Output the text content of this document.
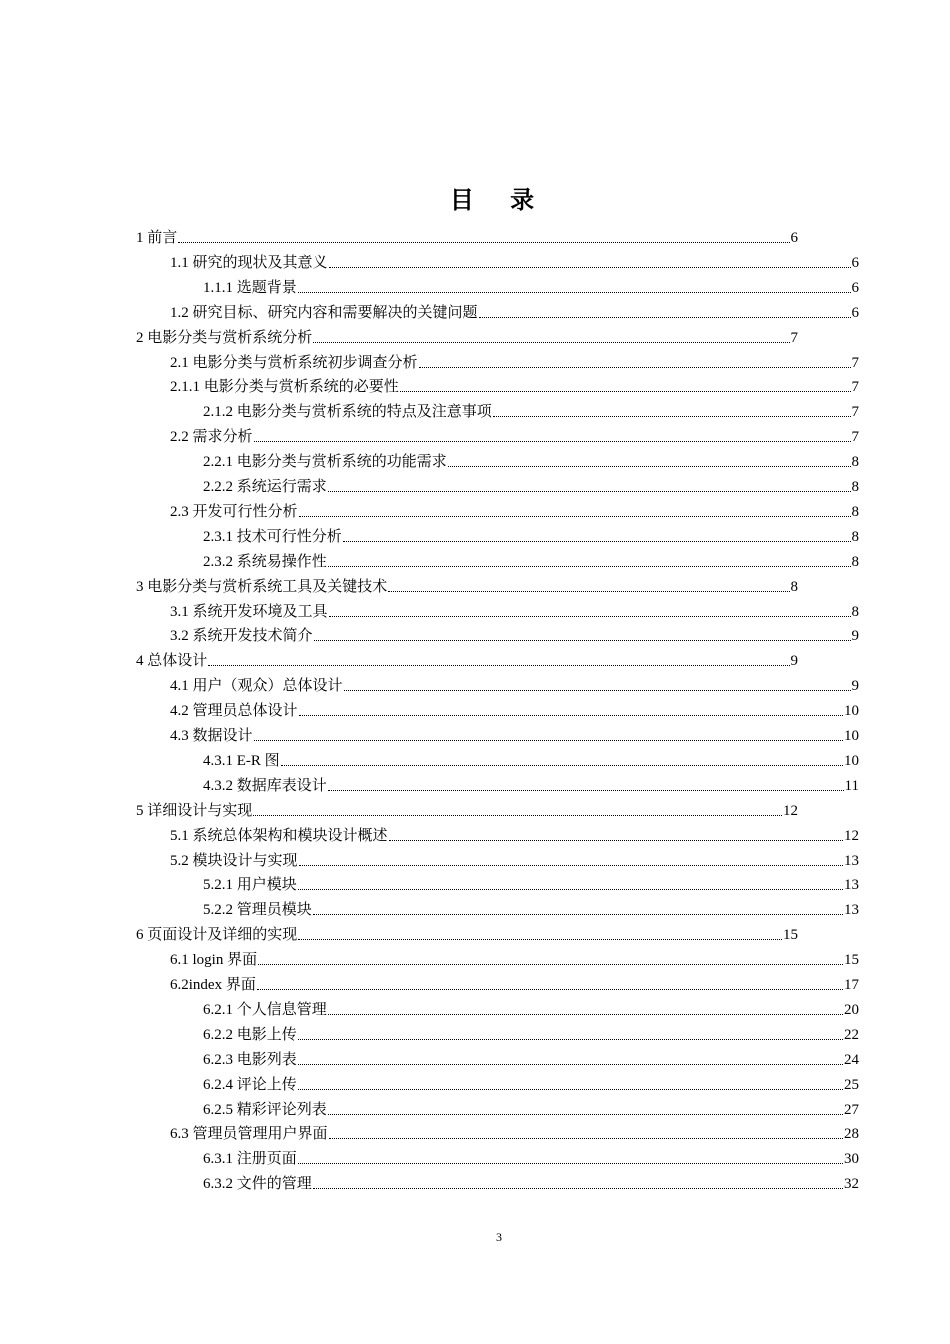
目 录
1 前言	6
1.1 研究的现状及其意义	6
1.1.1 选题背景	6
1.2 研究目标、研究内容和需要解决的关键问题	6
2 电影分类与赏析系统分析	7
2.1 电影分类与赏析系统初步调查分析	7
2.1.1 电影分类与赏析系统的必要性	7
2.1.2 电影分类与赏析系统的特点及注意事项	7
2.2 需求分析	7
2.2.1 电影分类与赏析系统的功能需求	8
2.2.2 系统运行需求	8
2.3 开发可行性分析	8
2.3.1 技术可行性分析	8
2.3.2 系统易操作性	8
3 电影分类与赏析系统工具及关键技术	8
3.1 系统开发环境及工具	8
3.2 系统开发技术简介	9
4 总体设计	9
4.1 用户（观众）总体设计	9
4.2 管理员总体设计	10
4.3 数据设计	10
4.3.1 E-R 图	10
4.3.2 数据库表设计	11
5 详细设计与实现	12
5.1 系统总体架构和模块设计概述	12
5.2 模块设计与实现	13
5.2.1 用户模块	13
5.2.2 管理员模块	13
6 页面设计及详细的实现	15
6.1 login 界面	15
6.2index 界面	17
6.2.1 个人信息管理	20
6.2.2 电影上传	22
6.2.3 电影列表	24
6.2.4 评论上传	25
6.2.5 精彩评论列表	27
6.3 管理员管理用户界面	28
6.3.1 注册页面	30
6.3.2 文件的管理	32
3
